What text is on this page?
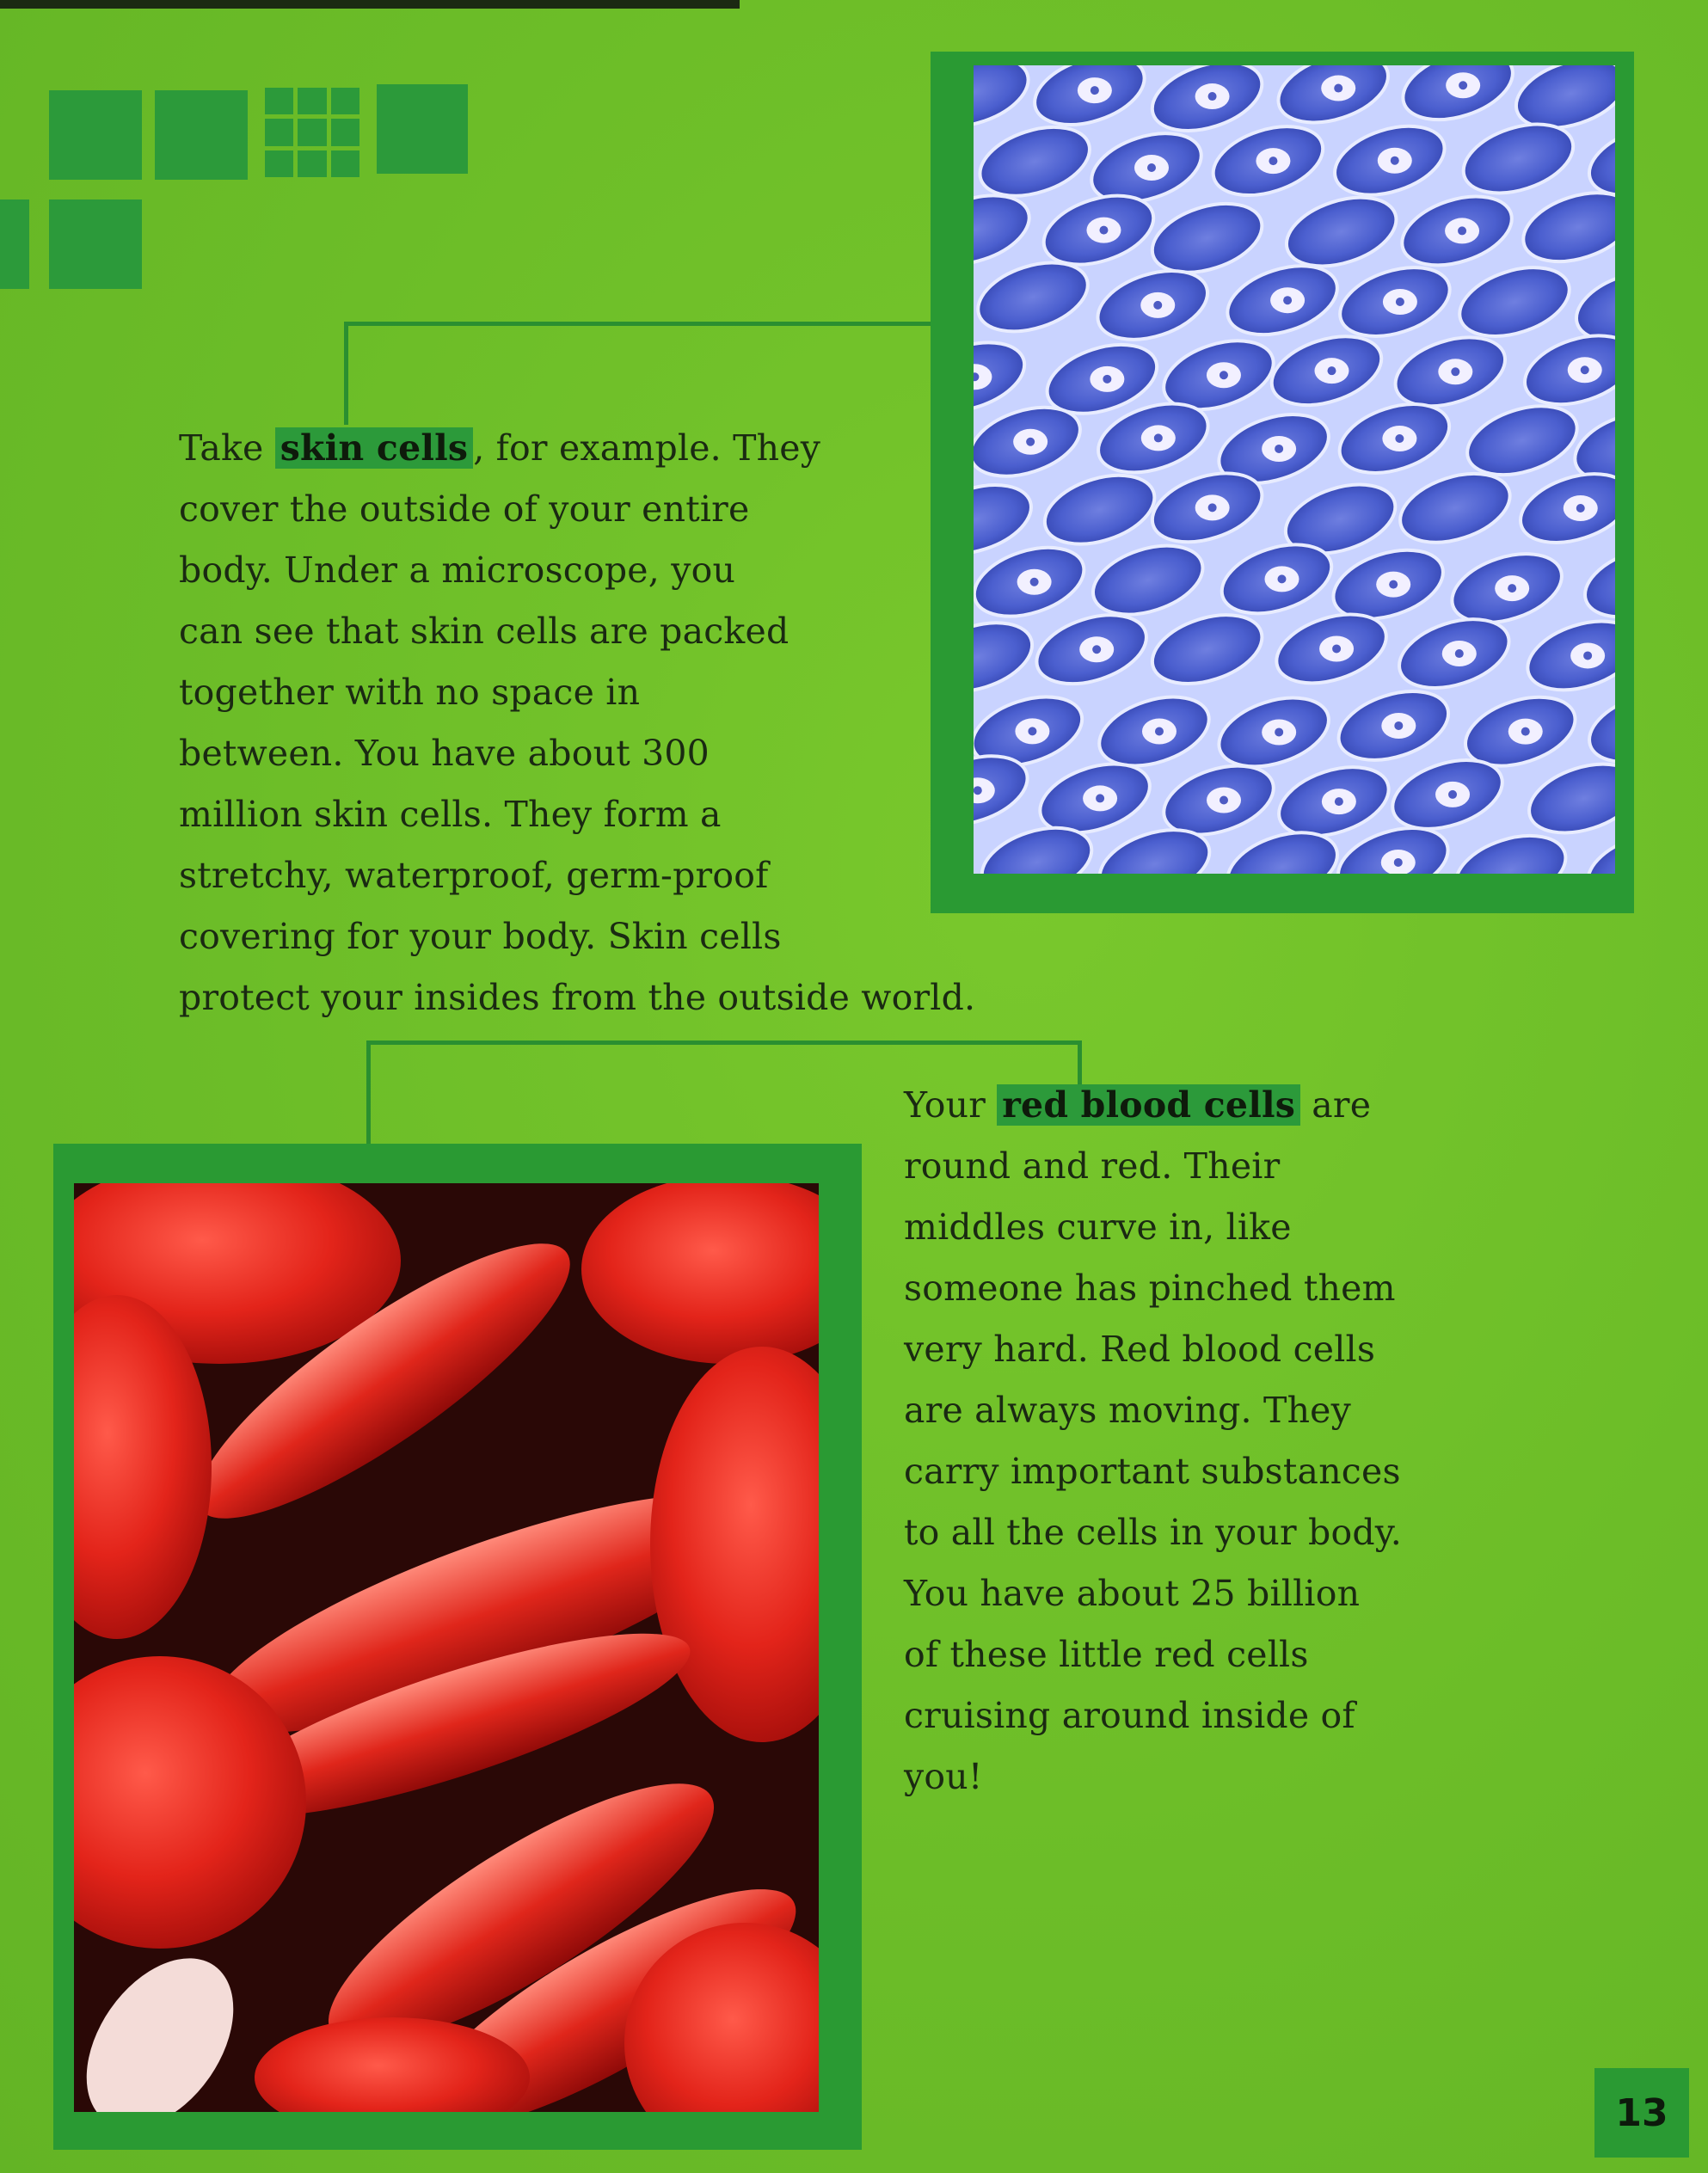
Take skin cells , for example. They
cover the outside of your entire
body. Under a microscope, you
can see that skin cells are packed
together with no space in
between. You have about 300
million skin cells. They form a
stretchy, waterproof, germ-proof
covering for your body. Skin cells
protect your insides from the outside world.
Your red blood cells are
round and red. Their
middles curve in, like
someone has pinched them
very hard. Red blood cells
are always moving. They
carry important substances
to all the cells in your body.
You have about 25 billion
of these little red cells
cruising around inside of
you!
13
